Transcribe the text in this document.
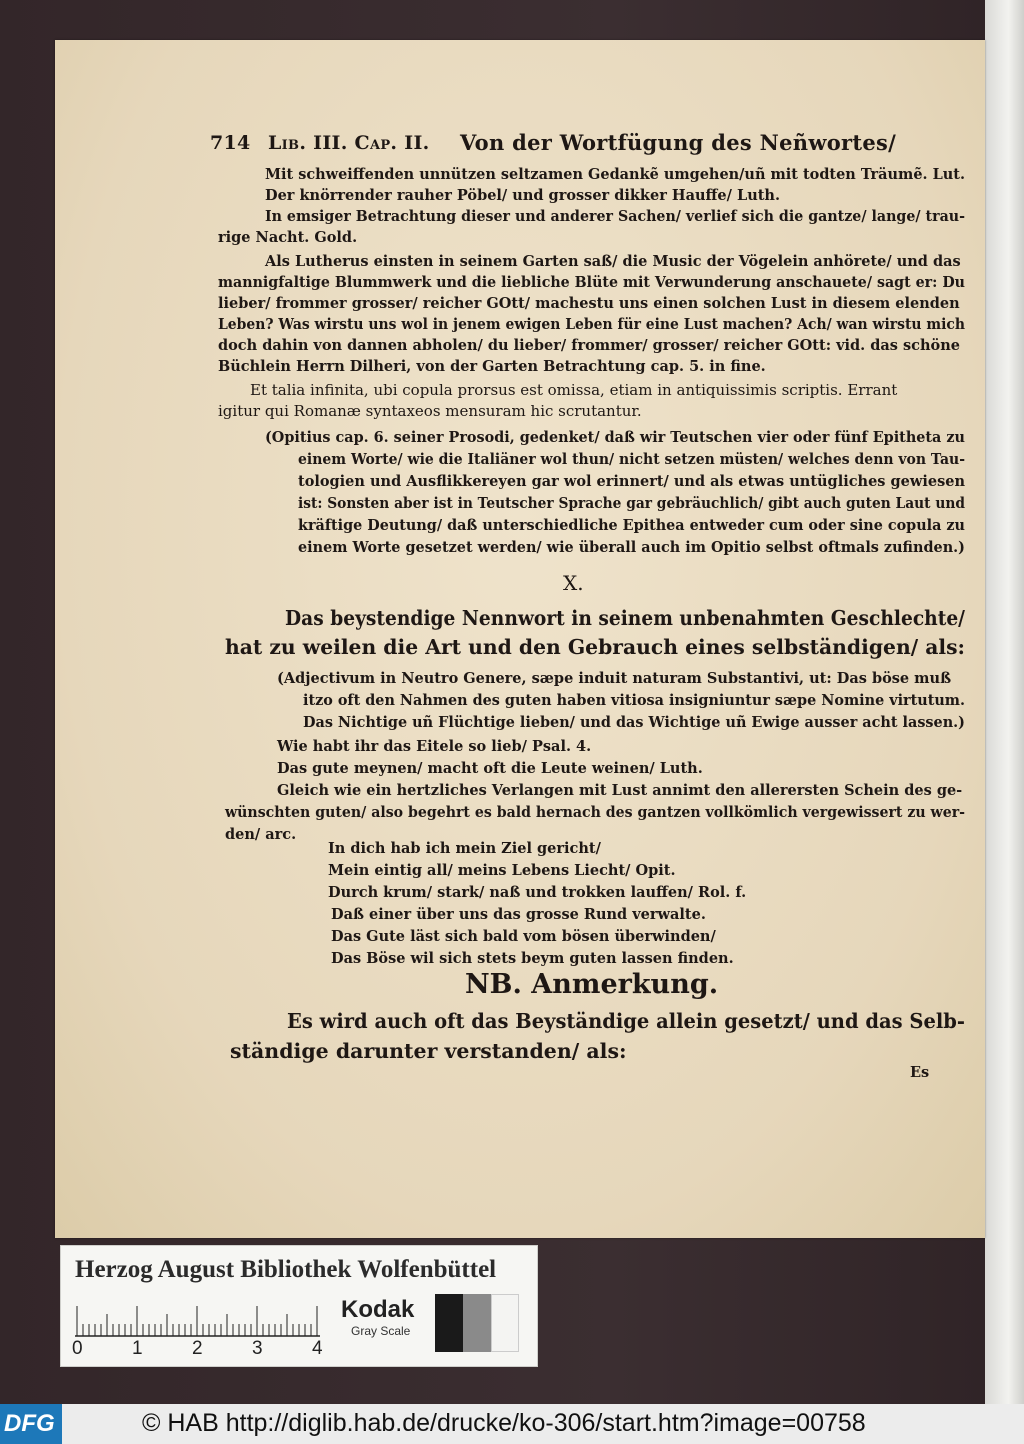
714 Lib. III. Cap. II. Von der Wortfügung des Neñwortes/
Mit schweiffenden unnützen seltzamen Gedankẽ umgehen/uñ mit todten Träumẽ. Lut.
Der knörrender rauher Pöbel/ und grosser dikker Hauffe/ Luth.
In emsiger Betrachtung dieser und anderer Sachen/ verlief sich die gantze/ lange/ trau-
rige Nacht. Gold.
Als Lutherus einsten in seinem Garten saß/ die Music der Vögelein anhörete/ und das
mannigfaltige Blummwerk und die liebliche Blüte mit Verwunderung anschauete/ sagt er: Du
lieber/ frommer grosser/ reicher GOtt/ machestu uns einen solchen Lust in diesem elenden
Leben? Was wirstu uns wol in jenem ewigen Leben für eine Lust machen? Ach/ wan wirstu mich
doch dahin von dannen abholen/ du lieber/ frommer/ grosser/ reicher GOtt: vid. das schöne
Büchlein Herrn Dilheri, von der Garten Betrachtung cap. 5. in fine.
Et talia infinita, ubi copula prorsus est omissa, etiam in antiquissimis scriptis. Errant
igitur qui Romanæ syntaxeos mensuram hic scrutantur.
(Opitius cap. 6. seiner Prosodi, gedenket/ daß wir Teutschen vier oder fünf Epitheta zu
einem Worte/ wie die Italiäner wol thun/ nicht setzen müsten/ welches denn von Tau-
tologien und Ausflikkereyen gar wol erinnert/ und als etwas untügliches gewiesen
ist: Sonsten aber ist in Teutscher Sprache gar gebräuchlich/ gibt auch guten Laut und
kräftige Deutung/ daß unterschiedliche Epithea entweder cum oder sine copula zu
einem Worte gesetzet werden/ wie überall auch im Opitio selbst oftmals zufinden.)
X.
Das beystendige Nennwort in seinem unbenahmten Geschlechte/
hat zu weilen die Art und den Gebrauch eines selbständigen/ als:
(Adjectivum in Neutro Genere, sæpe induit naturam Substantivi, ut: Das böse muß
itzo oft den Nahmen des guten haben vitiosa insigniuntur sæpe Nomine virtutum.
Das Nichtige uñ Flüchtige lieben/ und das Wichtige uñ Ewige ausser acht lassen.)
Wie habt ihr das Eitele so lieb/ Psal. 4.
Das gute meynen/ macht oft die Leute weinen/ Luth.
Gleich wie ein hertzliches Verlangen mit Lust annimt den allerersten Schein des ge-
wünschten guten/ also begehrt es bald hernach des gantzen vollkömlich vergewissert zu wer-
den/ arc.
In dich hab ich mein Ziel gericht/
Mein eintig all/ meins Lebens Liecht/ Opit.
Durch krum/ stark/ naß und trokken lauffen/ Rol. f.
Daß einer über uns das grosse Rund verwalte.
Das Gute läst sich bald vom bösen überwinden/
Das Böse wil sich stets beym guten lassen finden.
NB. Anmerkung.
Es wird auch oft das Beyständige allein gesetzt/ und das Selb-
ständige darunter verstanden/ als:
Es
Herzog August Bibliothek Wolfenbüttel
0	1	2	3	4
Kodak
Gray Scale
DFG	© HAB http://diglib.hab.de/drucke/ko-306/start.htm?image=00758
